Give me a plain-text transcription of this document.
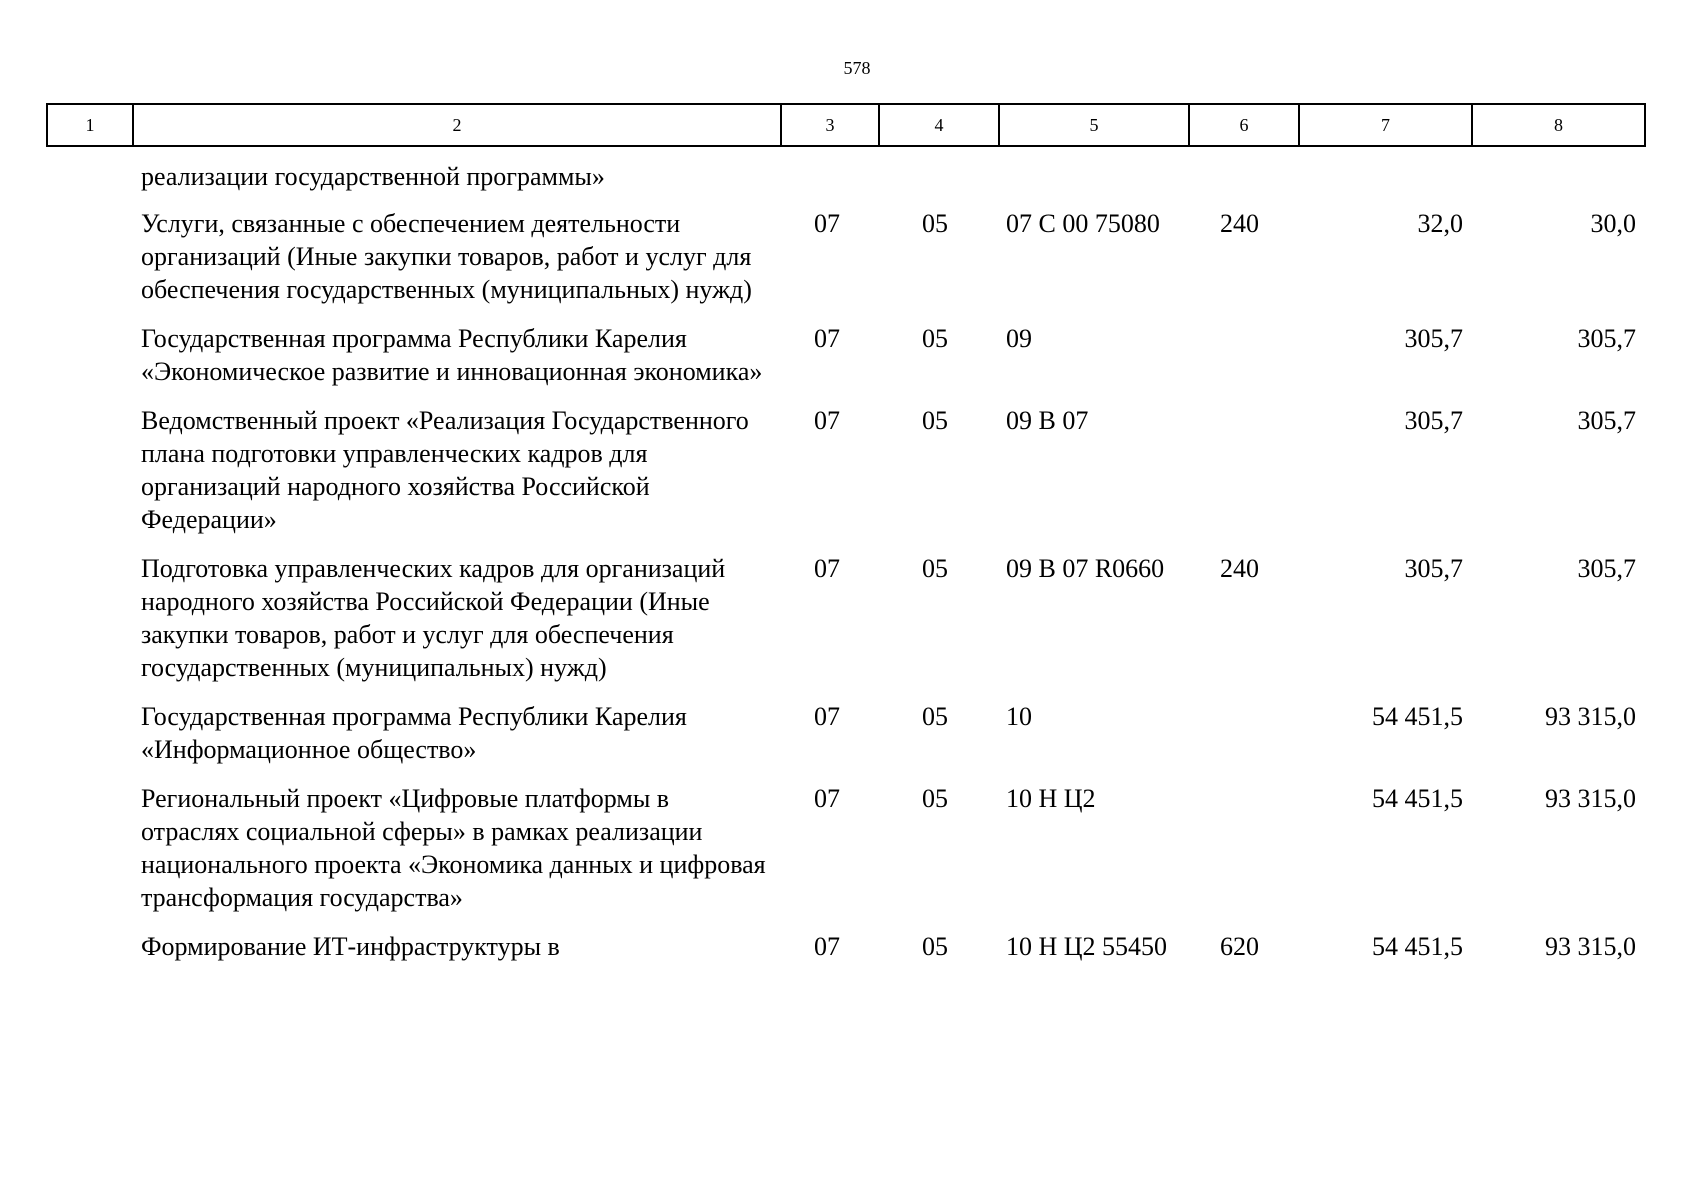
578
1	2	3	4	5	6	7	8
реализации государственной программы»						
Услуги, связанные с обеспечением деятельности организаций (Иные закупки товаров, работ и услуг для обеспечения государственных (муниципальных) нужд)	07	05	07 С 00 75080	240	32,0	30,0
Государственная программа Республики Карелия «Экономическое развитие и инновационная экономика»	07	05	09		305,7	305,7
Ведомственный проект «Реализация Государственного плана подготовки управленческих кадров для организаций народного хозяйства Российской Федерации»	07	05	09 В 07		305,7	305,7
Подготовка управленческих кадров для организаций народного хозяйства Российской Федерации (Иные закупки товаров, работ и услуг для обеспечения государственных (муниципальных) нужд)	07	05	09 В 07 R0660	240	305,7	305,7
Государственная программа Республики Карелия «Информационное общество»	07	05	10		54 451,5	93 315,0
Региональный проект «Цифровые платформы в отраслях социальной сферы» в рамках реализации национального проекта «Экономика данных и цифровая трансформация государства»	07	05	10 Н Ц2		54 451,5	93 315,0
Формирование ИТ-инфраструктуры в	07	05	10 Н Ц2 55450	620	54 451,5	93 315,0
